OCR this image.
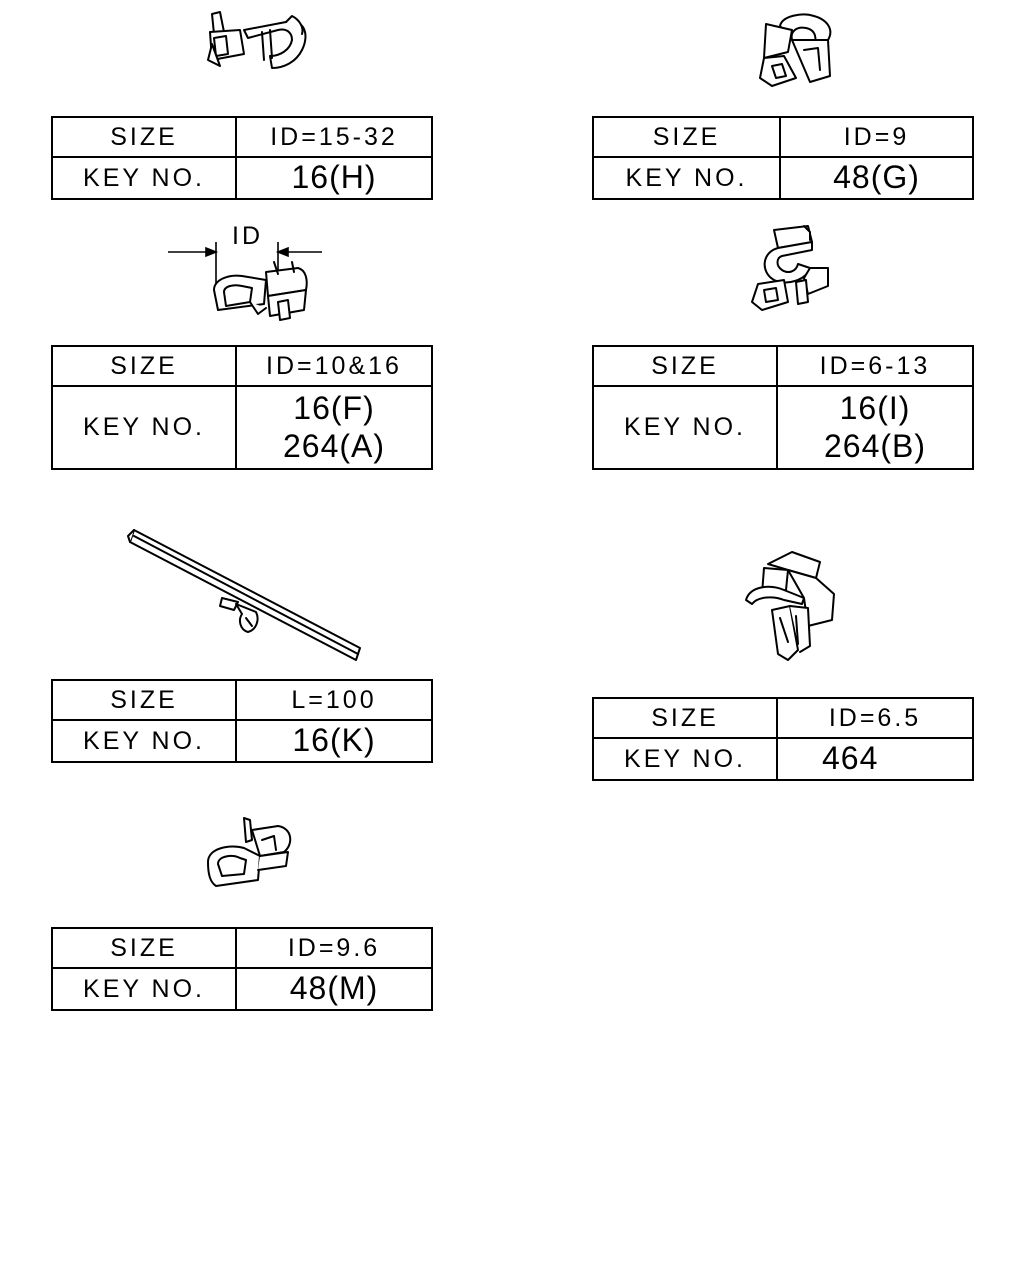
SIZE	ID=15-32
KEY NO.	16(H)
SIZE	ID=9
KEY NO.	48(G)
ID
SIZE	ID=10&16
KEY NO.	16(F)
264(A)
SIZE	ID=6-13
KEY NO.	16(I)
264(B)
SIZE	L=100
KEY NO.	16(K)
SIZE	ID=6.5
KEY NO.	464
SIZE	ID=9.6
KEY NO.	48(M)
